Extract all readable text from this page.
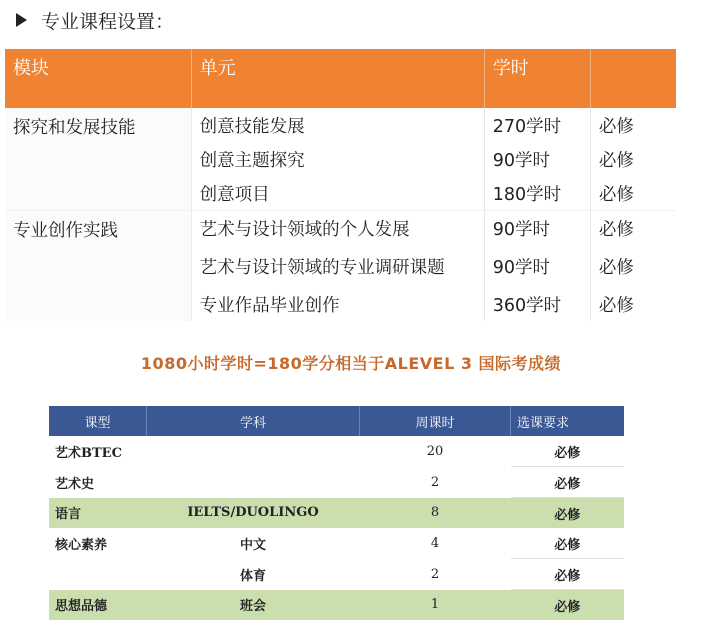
专业课程设置：
模块	单元	学时	
探究和发展技能	创意技能发展	270学时	必修
	创意主题探究	90学时	必修
	创意项目	180学时	必修
专业创作实践	艺术与设计领域的个人发展	90学时	必修
	艺术与设计领域的专业调研课题	90学时	必修
	专业作品毕业创作	360学时	必修
1080小时学时=180学分相当于ALEVEL 3 国际考成绩
课型	学科	周课时	选课要求
艺术BTEC		20	必修
艺术史		2	必修
语言	IELTS/DUOLINGO	8	必修
核心素养	中文	4	必修
	体育	2	必修
思想品德	班会	1	必修
